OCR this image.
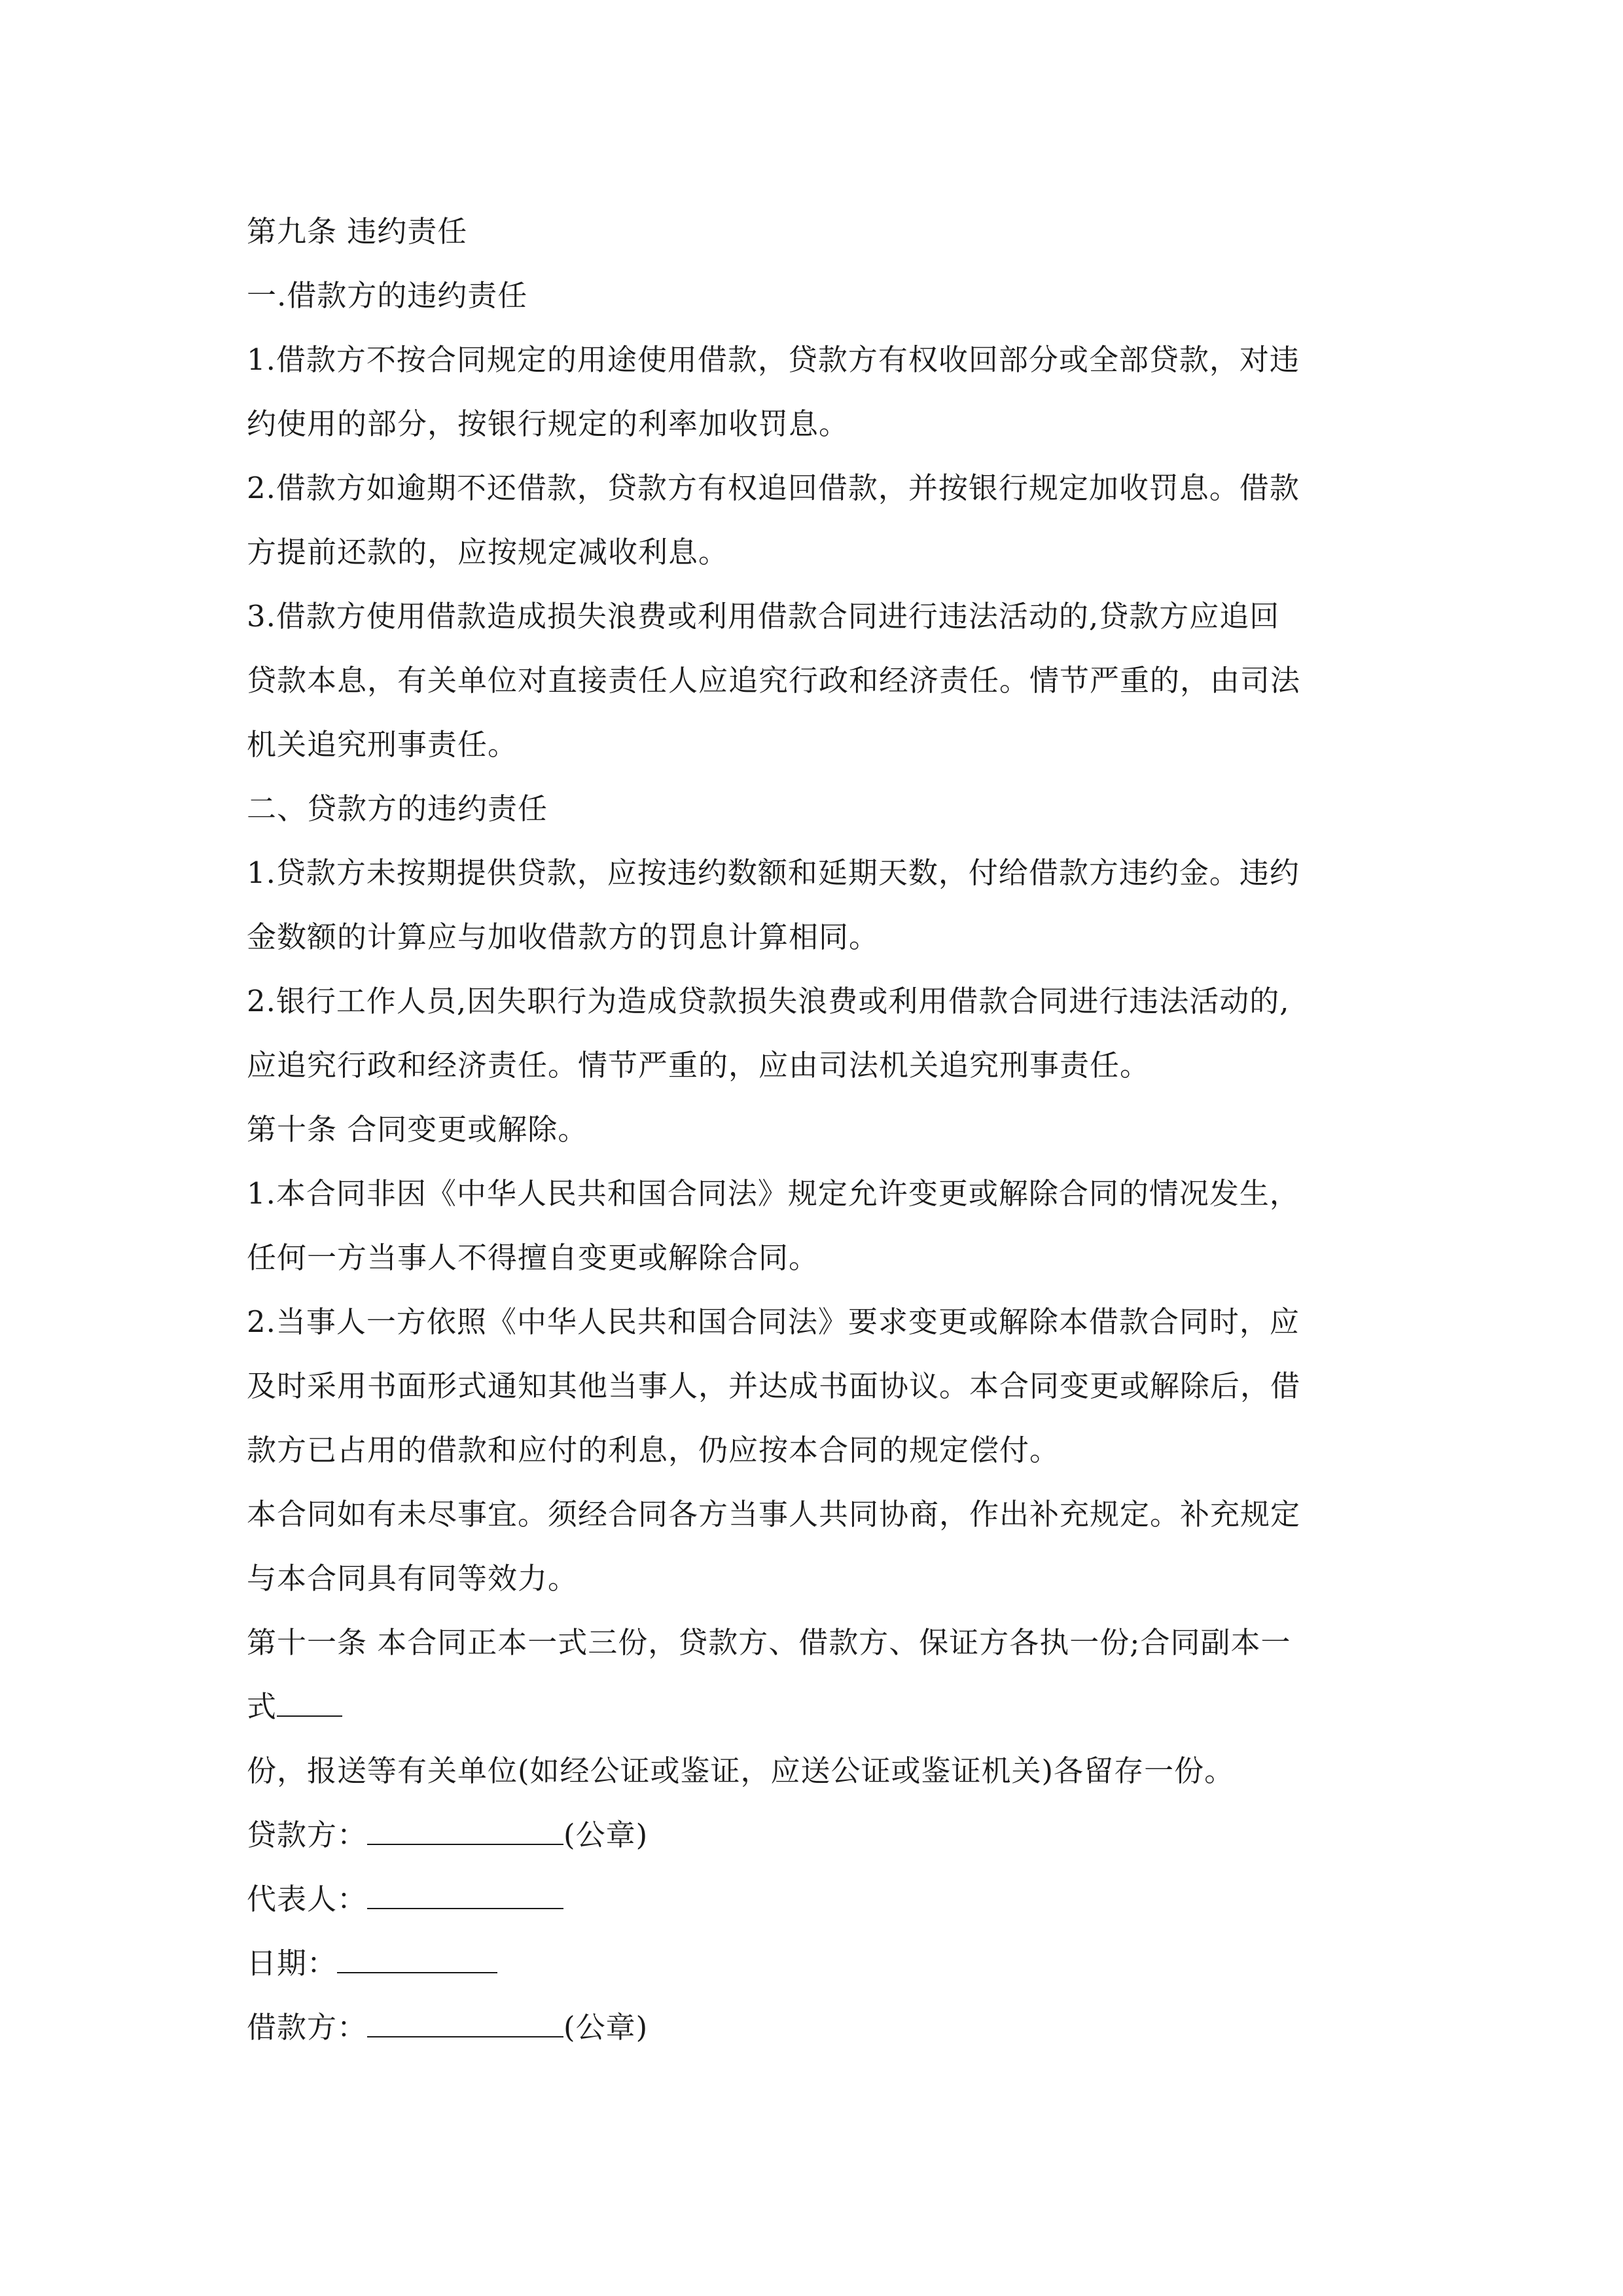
第九条 违约责任
一.借款方的违约责任
1.借款方不按合同规定的用途使用借款，贷款方有权收回部分或全部贷款，对违
约使用的部分，按银行规定的利率加收罚息。
2.借款方如逾期不还借款，贷款方有权追回借款，并按银行规定加收罚息。借款
方提前还款的，应按规定减收利息。
3.借款方使用借款造成损失浪费或利用借款合同进行违法活动的,贷款方应追回
贷款本息，有关单位对直接责任人应追究行政和经济责任。情节严重的，由司法
机关追究刑事责任。
二、贷款方的违约责任
1.贷款方未按期提供贷款，应按违约数额和延期天数，付给借款方违约金。违约
金数额的计算应与加收借款方的罚息计算相同。
2.银行工作人员,因失职行为造成贷款损失浪费或利用借款合同进行违法活动的,
应追究行政和经济责任。情节严重的，应由司法机关追究刑事责任。
第十条 合同变更或解除。
1.本合同非因《中华人民共和国合同法》规定允许变更或解除合同的情况发生，
任何一方当事人不得擅自变更或解除合同。
2.当事人一方依照《中华人民共和国合同法》要求变更或解除本借款合同时，应
及时采用书面形式通知其他当事人，并达成书面协议。本合同变更或解除后，借
款方已占用的借款和应付的利息，仍应按本合同的规定偿付。
本合同如有未尽事宜。须经合同各方当事人共同协商，作出补充规定。补充规定
与本合同具有同等效力。
第十一条 本合同正本一式三份，贷款方、借款方、保证方各执一份;合同副本一
式
份，报送等有关单位(如经公证或鉴证，应送公证或鉴证机关)各留存一份。
贷款方：	(公章)
代表人：
日期：
借款方：	(公章)
